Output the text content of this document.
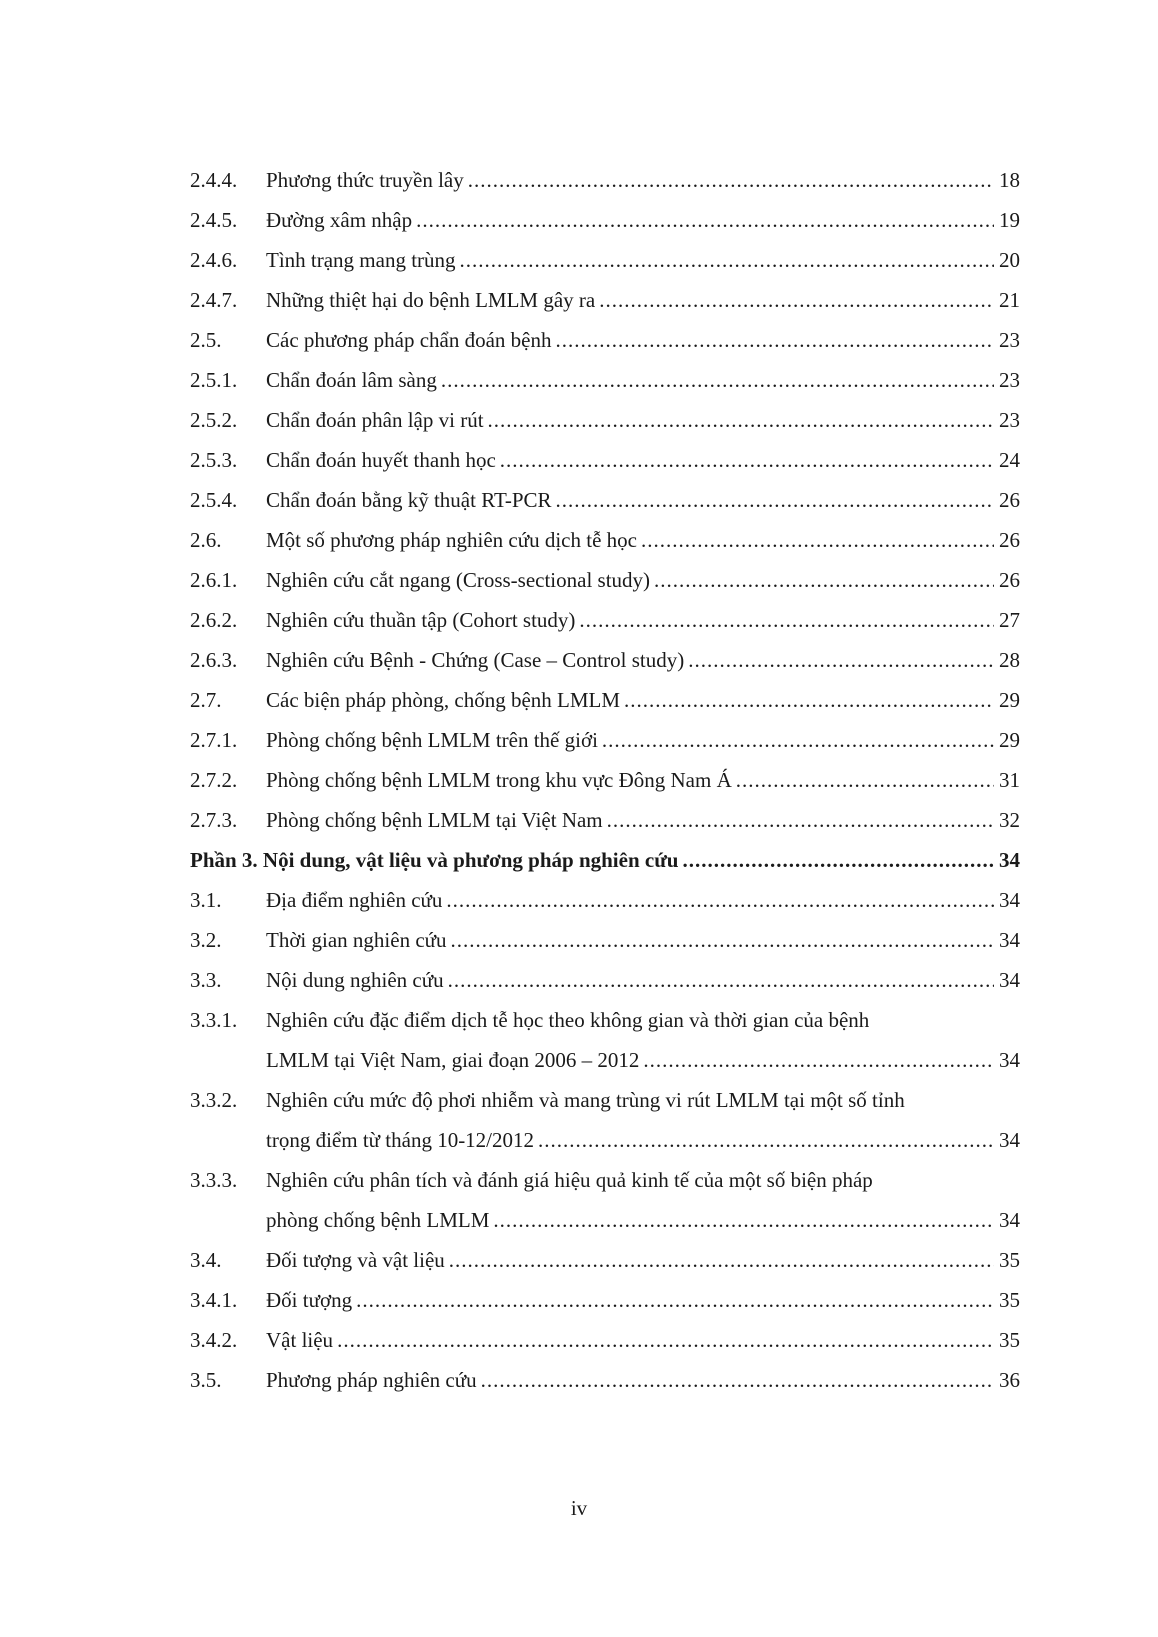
2.4.4.	Phương thức truyền lây .....	18
2.4.5.	Đường xâm nhập .....	19
2.4.6.	Tình trạng mang trùng .....	20
2.4.7.	Những thiệt hại do bệnh LMLM gây ra .....	21
2.5.	Các phương pháp chẩn đoán bệnh .....	23
2.5.1.	Chẩn đoán lâm sàng .....	23
2.5.2.	Chẩn đoán phân lập vi rút .....	23
2.5.3.	Chẩn đoán huyết thanh học .....	24
2.5.4.	Chẩn đoán bằng kỹ thuật RT-PCR .....	26
2.6.	Một số phương pháp nghiên cứu dịch tễ học .....	26
2.6.1.	Nghiên cứu cắt ngang (Cross-sectional study) .....	26
2.6.2.	Nghiên cứu thuần tập (Cohort study) .....	27
2.6.3.	Nghiên cứu Bệnh - Chứng (Case – Control study) .....	28
2.7.	Các biện pháp phòng, chống bệnh LMLM .....	29
2.7.1.	Phòng chống bệnh LMLM trên thế giới .....	29
2.7.2.	Phòng chống bệnh LMLM trong khu vực Đông Nam Á .....	31
2.7.3.	Phòng chống bệnh LMLM tại Việt Nam .....	32
Phần 3. Nội dung, vật liệu và phương pháp nghiên cứu .....	34
3.1.	Địa điểm nghiên cứu .....	34
3.2.	Thời gian nghiên cứu .....	34
3.3.	Nội dung nghiên cứu .....	34
3.3.1.	Nghiên cứu đặc điểm dịch tễ học theo không gian và thời gian của bệnh
LMLM tại Việt Nam, giai đoạn 2006 – 2012 .....	34
3.3.2.	Nghiên cứu mức độ phơi nhiễm và mang trùng vi rút LMLM tại một số tỉnh
trọng điểm từ tháng 10-12/2012 .....	34
3.3.3.	Nghiên cứu phân tích và đánh giá hiệu quả kinh tế của một số biện pháp
phòng chống bệnh LMLM .....	34
3.4.	Đối tượng và vật liệu .....	35
3.4.1.	Đối tượng .....	35
3.4.2.	Vật liệu .....	35
3.5.	Phương pháp nghiên cứu .....	36
iv
